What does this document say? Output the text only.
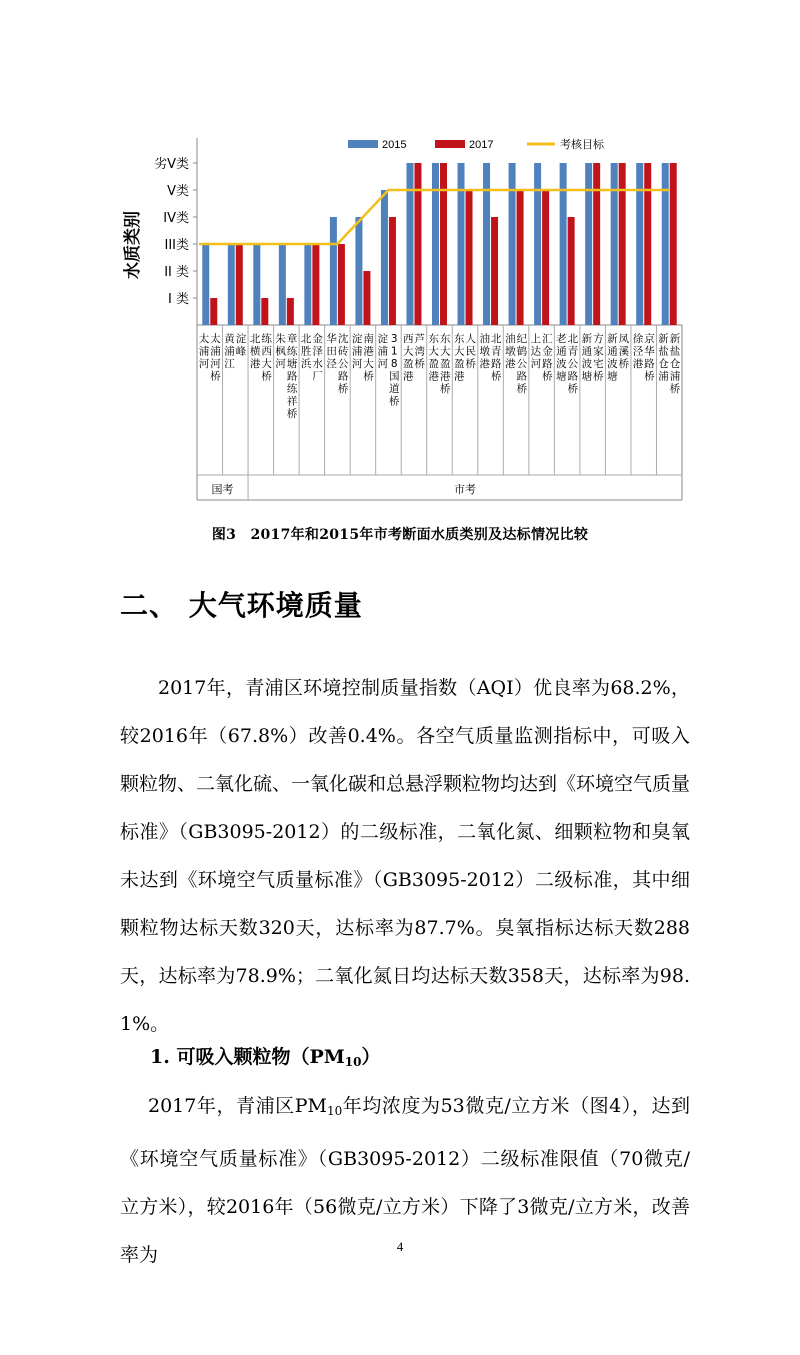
水质类别
2015	2017	考核目标
I 类
II 类
III类
IV类
V类
劣V类
国考	市考
太浦河太浦河桥
黄浦江淀峰
北横港练西大桥
朱枫河章练塘路练祥桥
北胜浜金泽水厂
华田泾沈砖公路桥
淀浦河南港大桥
淀浦河3 1 8 国道桥
西大盈港芦湾桥
东大盈港东大盈港桥
东大盈港人民桥
油墩港北青路桥
油墩港纪鹤公路桥
上达河汇金路桥
老通波塘北青公路桥
新通波塘方家宅桥
新通波塘凤溪桥
徐泾港京华路桥
新盐仓浦新盐仓浦桥
图3　2017年和2015年市考断面水质类别及达标情况比较
二、 大气环境质量

2017年，青浦区环境控制质量指数（AQI）优良率为68.2%，较2016年（67.8%）改善0.4%。各空气质量监测指标中，可吸入颗粒物、二氧化硫、一氧化碳和总悬浮颗粒物均达到《环境空气质量标准》（GB3095-2012）的二级标准，二氧化氮、细颗粒物和臭氧未达到《环境空气质量标准》（GB3095-2012）二级标准，其中细颗粒物达标天数320天，达标率为87.7%。臭氧指标达标天数288天，达标率为78.9%；二氧化氮日均达标天数358天，达标率为98.1%。

1. 可吸入颗粒物$(PM_{10})$

2017年，青浦区$PM_{10}$年均浓度为53微克/立方米（图4），达到《环境空气质量标准》（GB3095-2012）二级标准限值（70微克/立方米），较2016年（56微克/立方米）下降了3微克/立方米，改善率为	4
